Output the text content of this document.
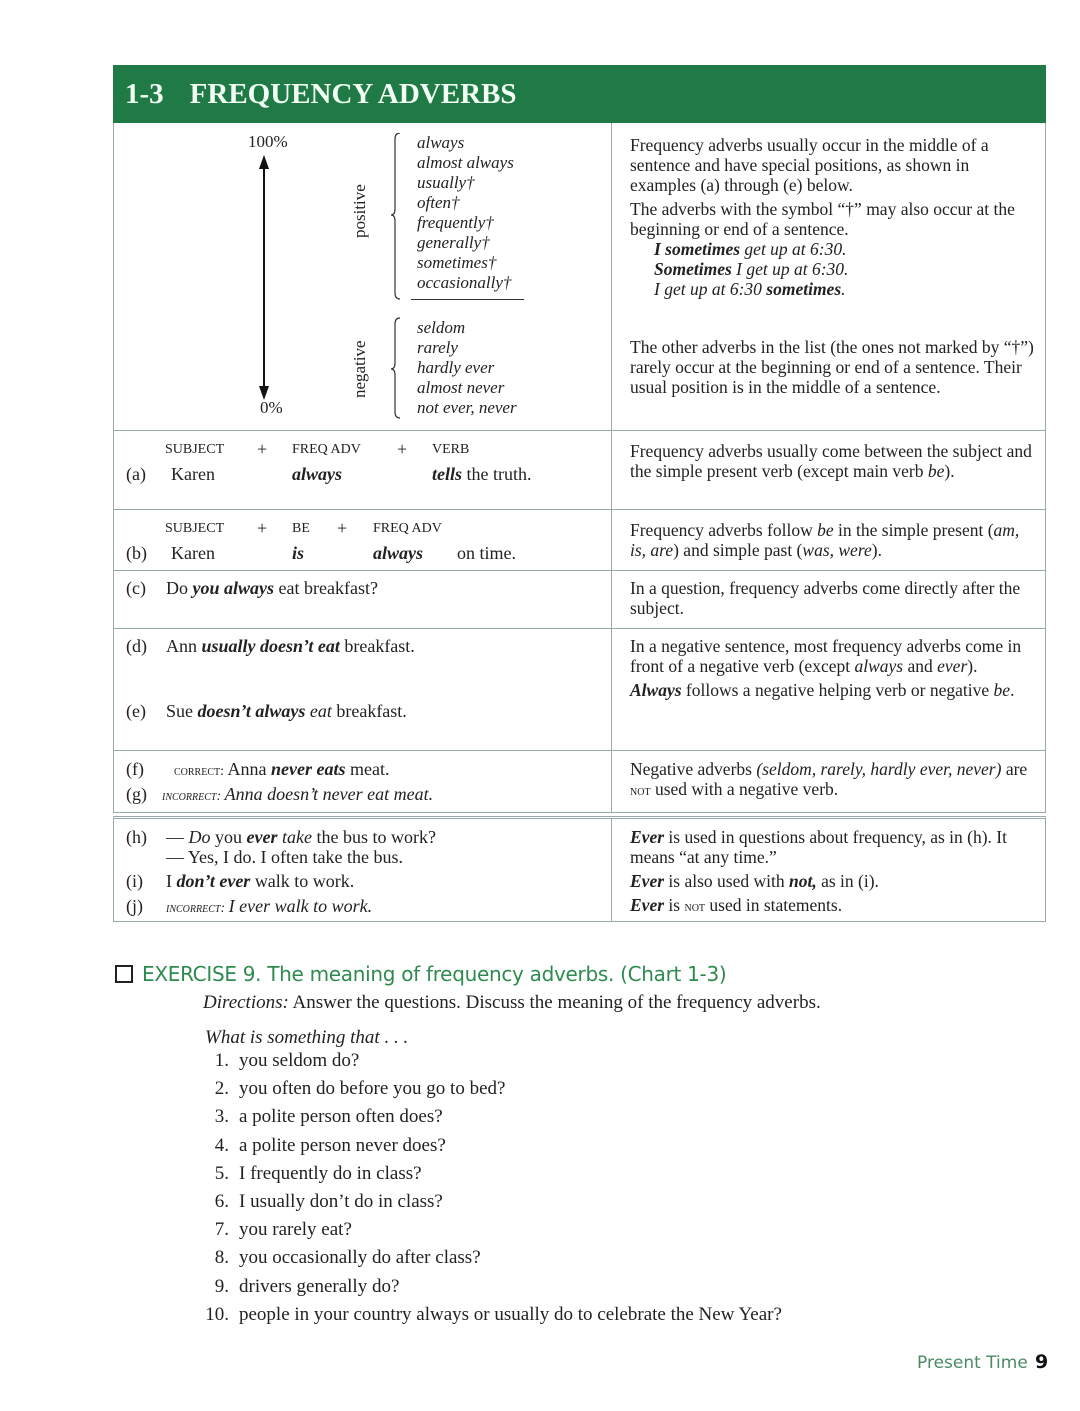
1-3 FREQUENCY ADVERBS
100%
0%
positive
negative
always
almost always
usually†
often†
frequently†
generally†
sometimes†
occasionally†
seldom
rarely
hardly ever
almost never
not ever, never

Frequency adverbs usually occur in the middle of a sentence and have special positions, as shown in examples (a) through (e) below.

The adverbs with the symbol “†” may also occur at the beginning or end of a sentence.
I sometimes get up at 6:30.
Sometimes I get up at 6:30.
I get up at 6:30 sometimes.

The other adverbs in the list (the ones not marked by “†”) rarely occur at the beginning or end of a sentence. Their usual position is in the middle of a sentence.

SUBJECT + FREQ ADV + VERB
(a) Karen	always	tells the truth.
Frequency adverbs usually come between the subject and the simple present verb (except main verb be).
SUBJECT + BE + FREQ ADV
(b) Karen	is	always on time.
Frequency adverbs follow be in the simple present (am, is, are) and simple past (was, were).
(c) Do you always eat breakfast?	In a question, frequency adverbs come directly after the subject.
(d) Ann usually doesn’t eat breakfast.
(e) Sue doesn’t always eat breakfast.

In a negative sentence, most frequency adverbs come in front of a negative verb (except always and ever).

Always follows a negative helping verb or negative be.

(f) correct: Anna never eats meat.
(g) incorrect: Anna doesn’t never eat meat.
Negative adverbs (seldom, rarely, hardly ever, never) are not used with a negative verb.
(h) — Do you ever take the bus to work?
— Yes, I do. I often take the bus.
(i) I don’t ever walk to work.
(j) incorrect: I ever walk to work.

Ever is used in questions about frequency, as in (h). It means “at any time.”

Ever is also used with not, as in (i).

Ever is not used in statements.

EXERCISE 9. The meaning of frequency adverbs. (Chart 1-3)
Directions: Answer the questions. Discuss the meaning of the frequency adverbs.
What is something that . . .
1. you seldom do?
2. you often do before you go to bed?
3. a polite person often does?
4. a polite person never does?
5. I frequently do in class?
6. I usually don’t do in class?
7. you rarely eat?
8. you occasionally do after class?
9. drivers generally do?
10. people in your country always or usually do to celebrate the New Year?
Present Time 9
